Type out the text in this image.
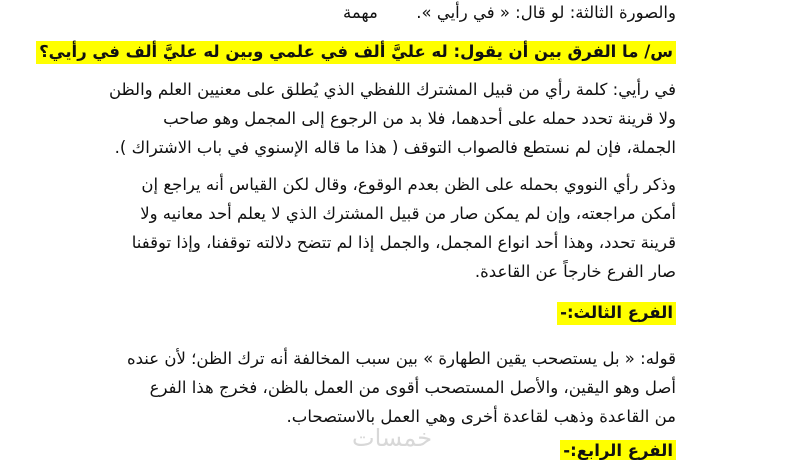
والصورة الثالثة: لو قال: « في رأيي ».
مهمة
س/ ما الفرق بين أن يقول: له عليَّ ألف في علمي وبين له عليَّ ألف في رأيي؟
في رأيي: كلمة رأي من قبيل المشترك اللفظي الذي يُطلق على معنيين العلم والظن
ولا قرينة تحدد حمله على أحدهما، فلا بد من الرجوع إلى المجمل وهو صاحب
الجملة، فإن لم نستطع فالصواب التوقف ( هذا ما قاله الإسنوي في باب الاشتراك ).
وذكر رأي النووي بحمله على الظن بعدم الوقوع، وقال لكن القياس أنه يراجع إن
أمكن مراجعته، وإن لم يمكن صار من قبيل المشترك الذي لا يعلم أحد معانيه ولا
قرينة تحدد، وهذا أحد انواع المجمل، والجمل إذا لم تتضح دلالته توقفنا، وإذا توقفنا
صار الفرع خارجاً عن القاعدة.
الفرع الثالث:-
قوله: « بل يستصحب يقين الطهارة » بين سبب المخالفة أنه ترك الظن؛ لأن عنده
أصل وهو اليقين، والأصل المستصحب أقوى من العمل بالظن، فخرج هذا الفرع
من القاعدة وذهب لقاعدة أخرى وهي العمل بالاستصحاب.
الفرع الرابع:-
خمسات
